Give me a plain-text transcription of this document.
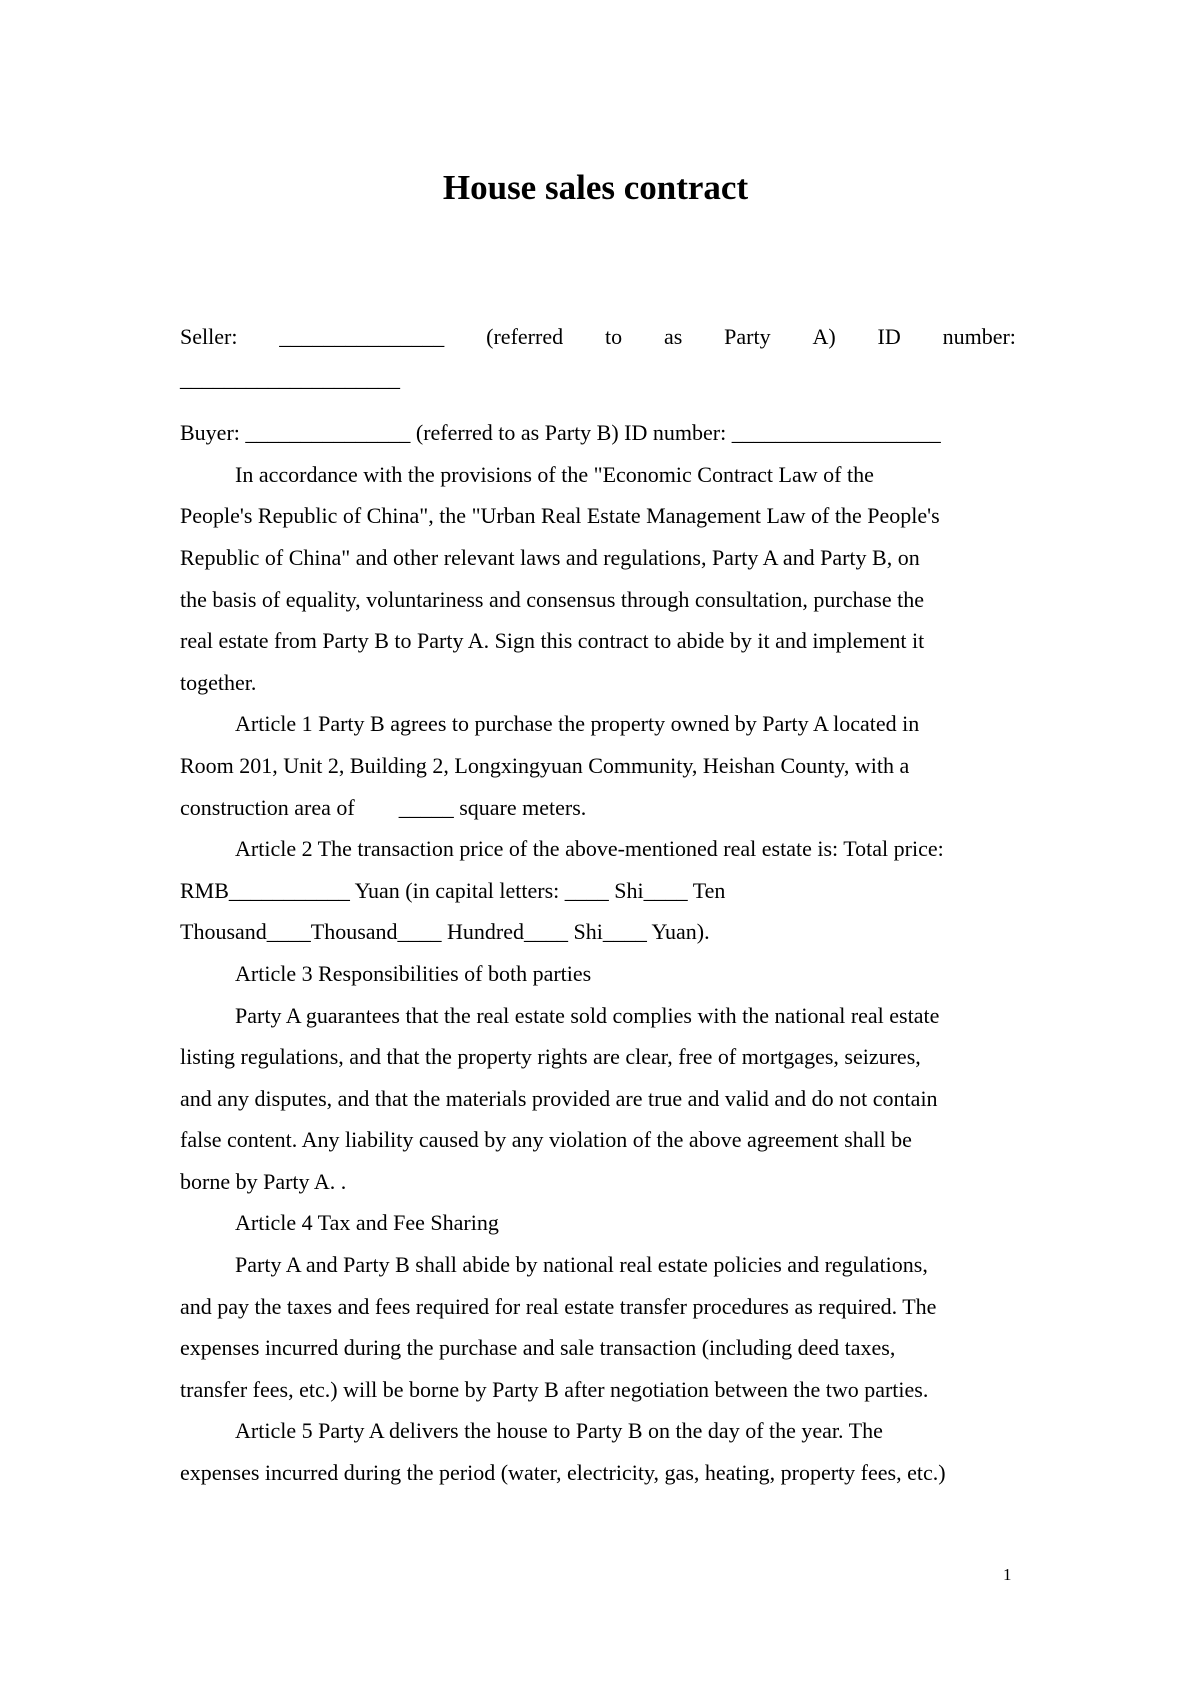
House sales contract
Seller: _______________ (referred to as Party A) ID number:
____________________
Buyer: _______________ (referred to as Party B) ID number: ___________________
In accordance with the provisions of the "Economic Contract Law of the
People's Republic of China", the "Urban Real Estate Management Law of the People's
Republic of China" and other relevant laws and regulations, Party A and Party B, on
the basis of equality, voluntariness and consensus through consultation, purchase the
real estate from Party B to Party A. Sign this contract to abide by it and implement it
together.
Article 1 Party B agrees to purchase the property owned by Party A located in
Room 201, Unit 2, Building 2, Longxingyuan Community, Heishan County, with a
construction area of        _____ square meters.
Article 2 The transaction price of the above-mentioned real estate is: Total price:
RMB___________ Yuan (in capital letters: ____ Shi____ Ten
Thousand____Thousand____ Hundred____ Shi____ Yuan).
Article 3 Responsibilities of both parties
Party A guarantees that the real estate sold complies with the national real estate
listing regulations, and that the property rights are clear, free of mortgages, seizures,
and any disputes, and that the materials provided are true and valid and do not contain
false content. Any liability caused by any violation of the above agreement shall be
borne by Party A. .
Article 4 Tax and Fee Sharing
Party A and Party B shall abide by national real estate policies and regulations,
and pay the taxes and fees required for real estate transfer procedures as required. The
expenses incurred during the purchase and sale transaction (including deed taxes,
transfer fees, etc.) will be borne by Party B after negotiation between the two parties.
Article 5 Party A delivers the house to Party B on the day of the year. The
expenses incurred during the period (water, electricity, gas, heating, property fees, etc.)
1
